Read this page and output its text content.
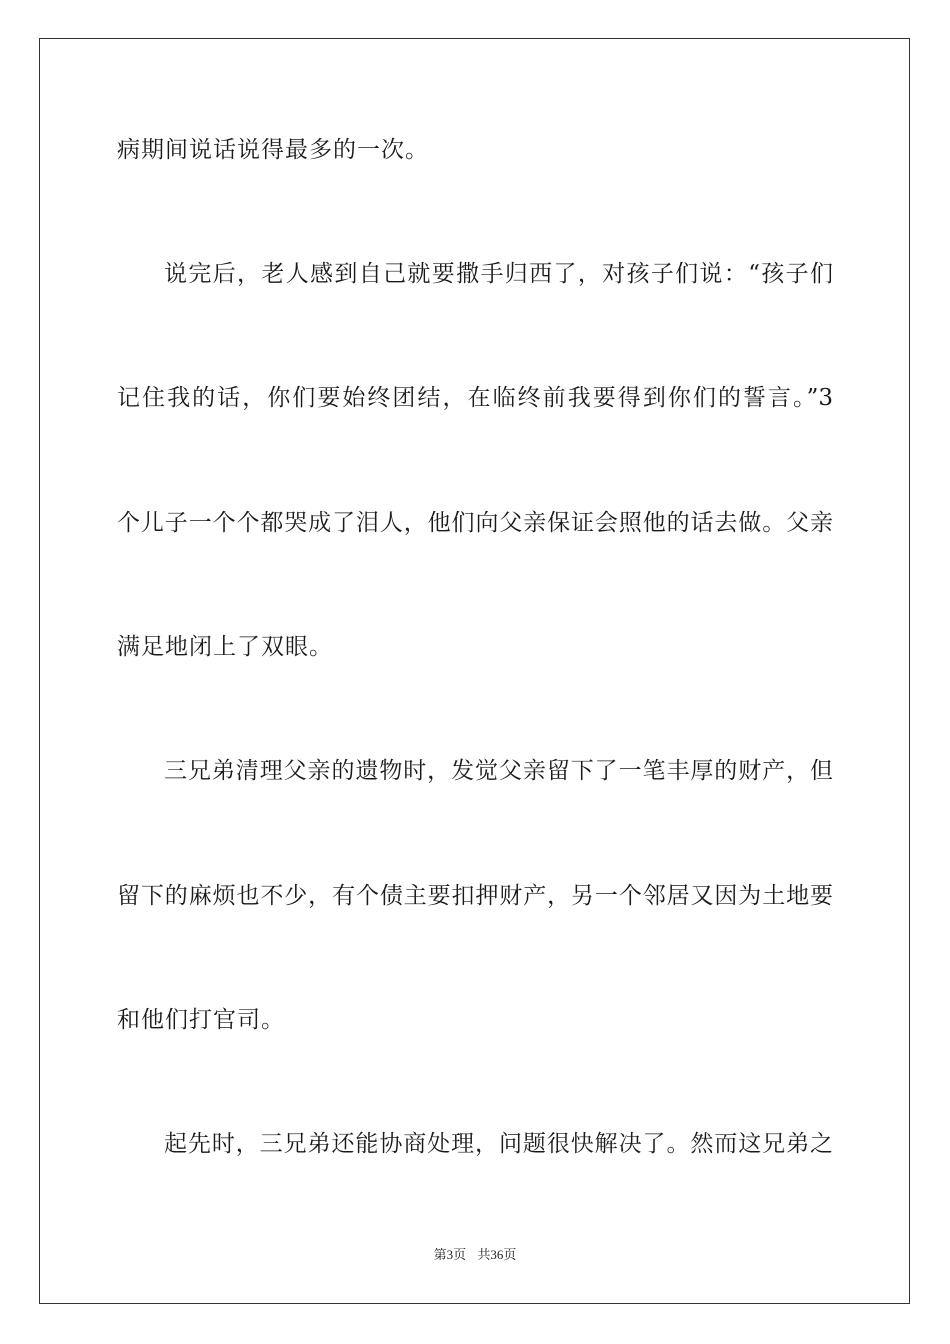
病期间说话说得最多的一次。
说完后，老人感到自己就要撒手归西了，对孩子们说：“孩子们
记住我的话，你们要始终团结，在临终前我要得到你们的誓言。”3
个儿子一个个都哭成了泪人，他们向父亲保证会照他的话去做。父亲
满足地闭上了双眼。
三兄弟清理父亲的遗物时，发觉父亲留下了一笔丰厚的财产，但
留下的麻烦也不少，有个债主要扣押财产，另一个邻居又因为土地要
和他们打官司。
起先时，三兄弟还能协商处理，问题很快解决了。然而这兄弟之
第3页 共36页
